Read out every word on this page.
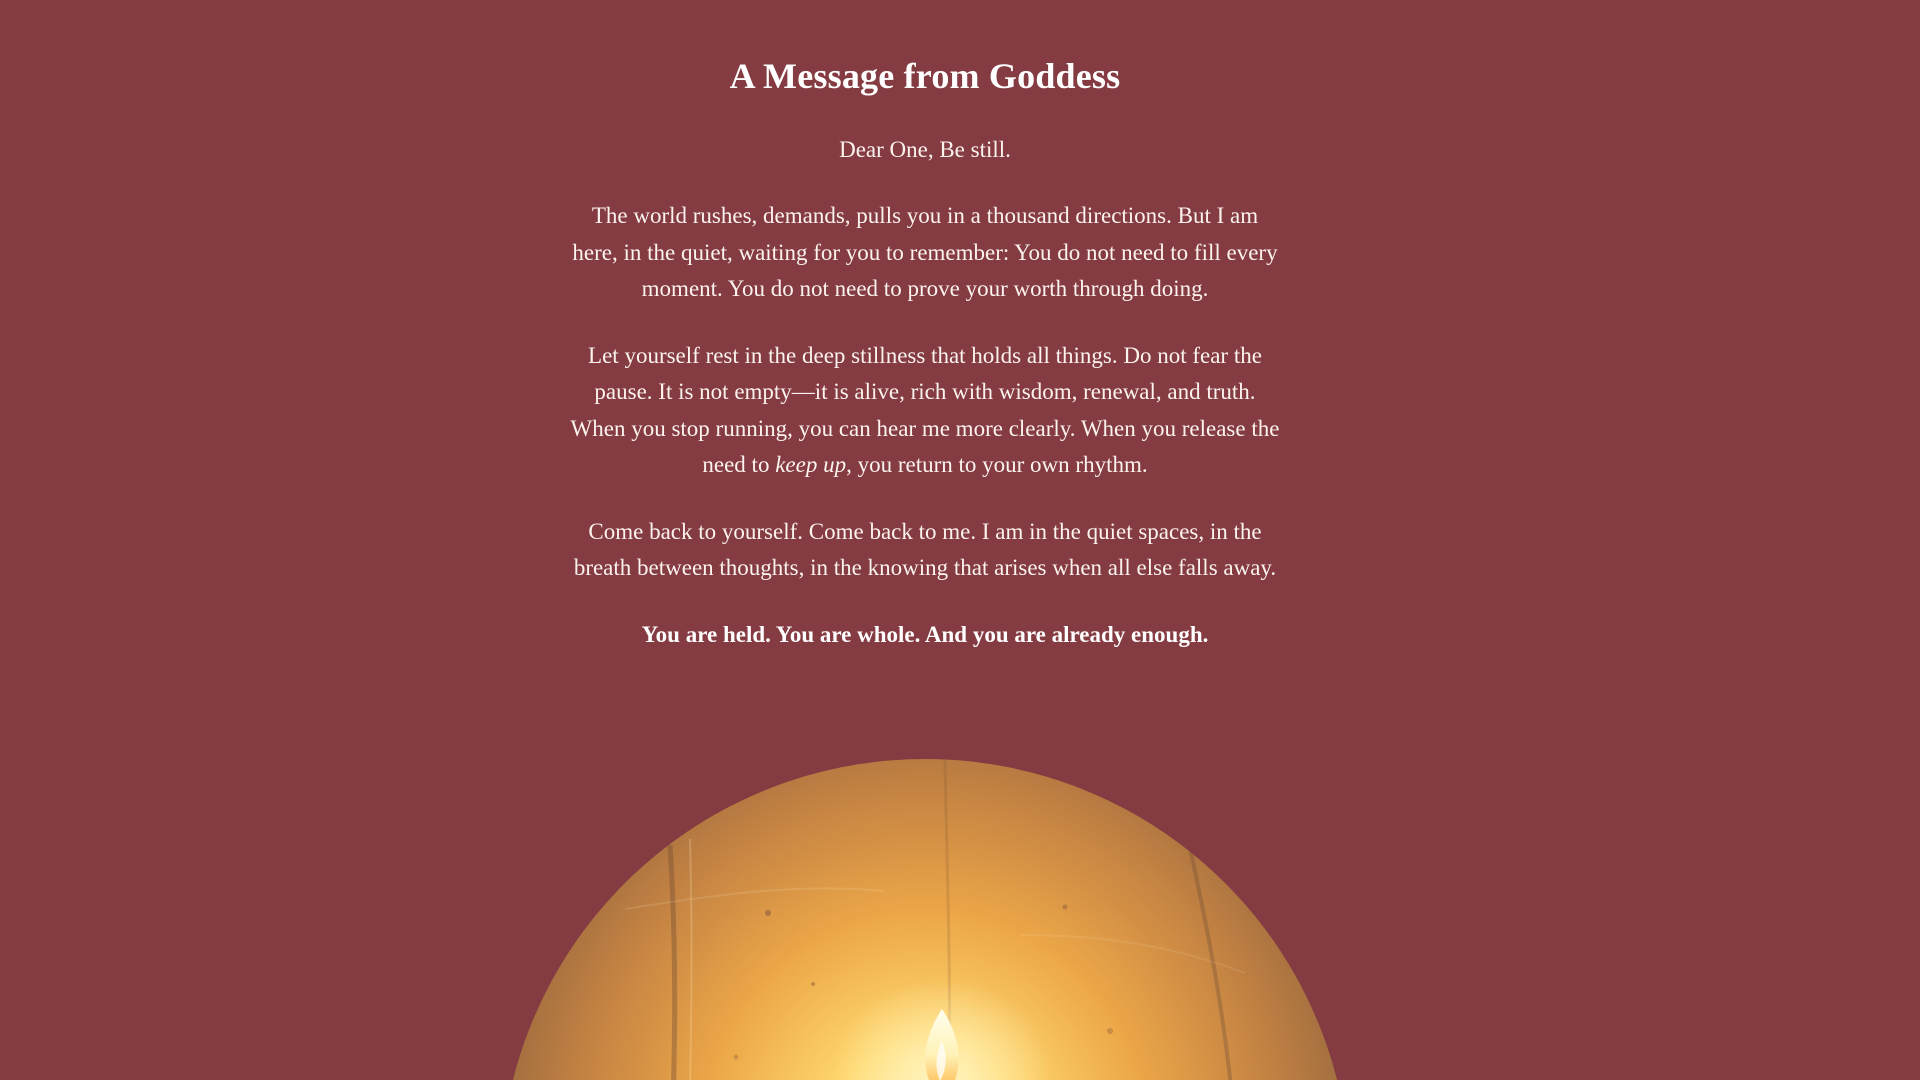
A Message from Goddess

Dear One, Be still.

The world rushes, demands, pulls you in a thousand directions. But I am here, in the quiet, waiting for you to remember: You do not need to fill every moment. You do not need to prove your worth through doing.

Let yourself rest in the deep stillness that holds all things. Do not fear the pause. It is not empty—it is alive, rich with wisdom, renewal, and truth. When you stop running, you can hear me more clearly. When you release the need to keep up, you return to your own rhythm.

Come back to yourself. Come back to me. I am in the quiet spaces, in the breath between thoughts, in the knowing that arises when all else falls away.

You are held. You are whole. And you are already enough.
